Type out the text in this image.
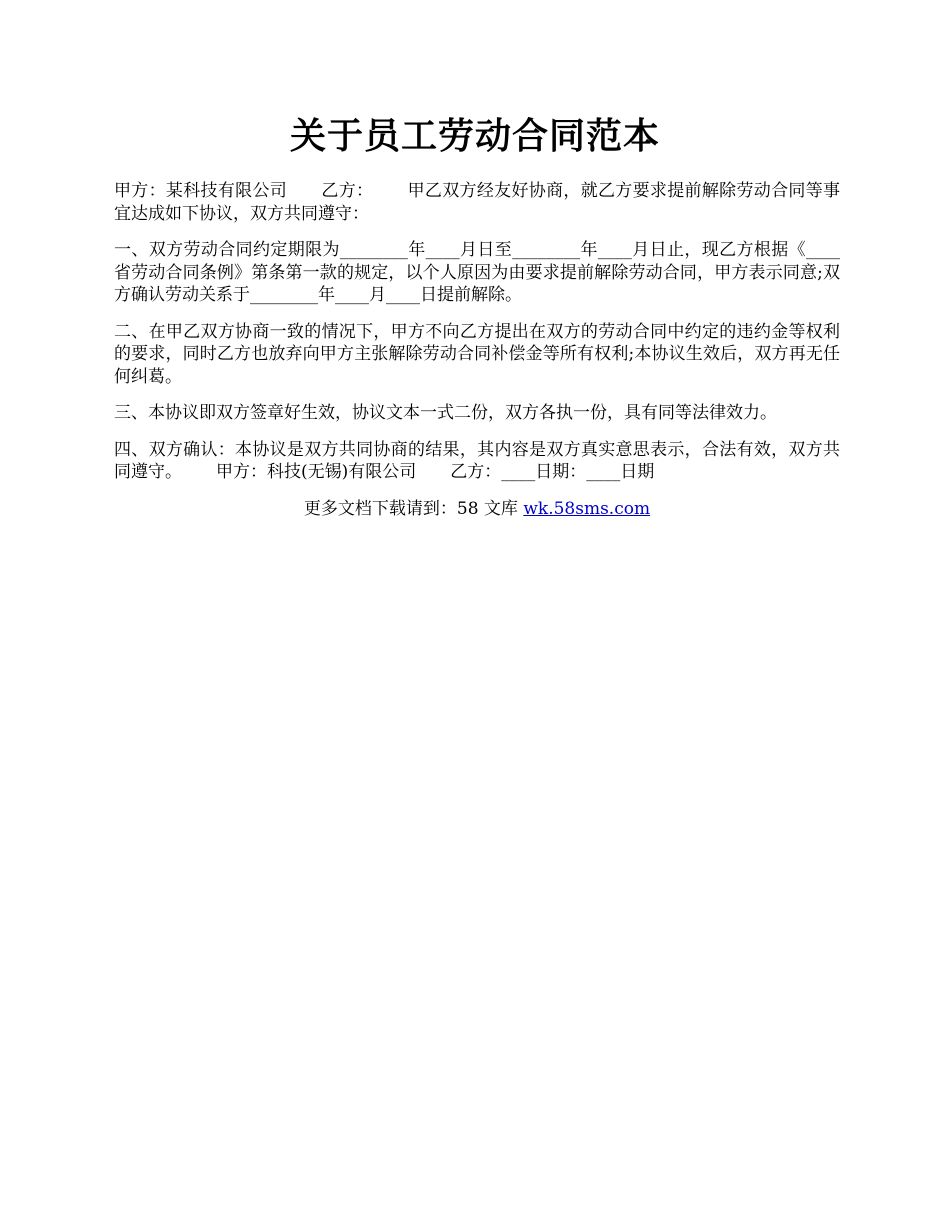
关于员工劳动合同范本

甲方：某科技有限公司 乙方： 甲乙双方经友好协商，就乙方要求提前解除劳动合同等事宜达成如下协议，双方共同遵守：

一、双方劳动合同约定期限为________年____月日至________年____月日止，现乙方根据《____省劳动合同条例》第条第一款的规定，以个人原因为由要求提前解除劳动合同，甲方表示同意;双方确认劳动关系于________年____月____日提前解除。

二、在甲乙双方协商一致的情况下，甲方不向乙方提出在双方的劳动合同中约定的违约金等权利的要求，同时乙方也放弃向甲方主张解除劳动合同补偿金等所有权利;本协议生效后，双方再无任何纠葛。

三、本协议即双方签章好生效，协议文本一式二份，双方各执一份，具有同等法律效力。

四、双方确认：本协议是双方共同协商的结果，其内容是双方真实意思表示，合法有效，双方共同遵守。 甲方：科技(无锡)有限公司 乙方：____日期：____日期

更多文档下载请到：58 文库 wk.58sms.com
